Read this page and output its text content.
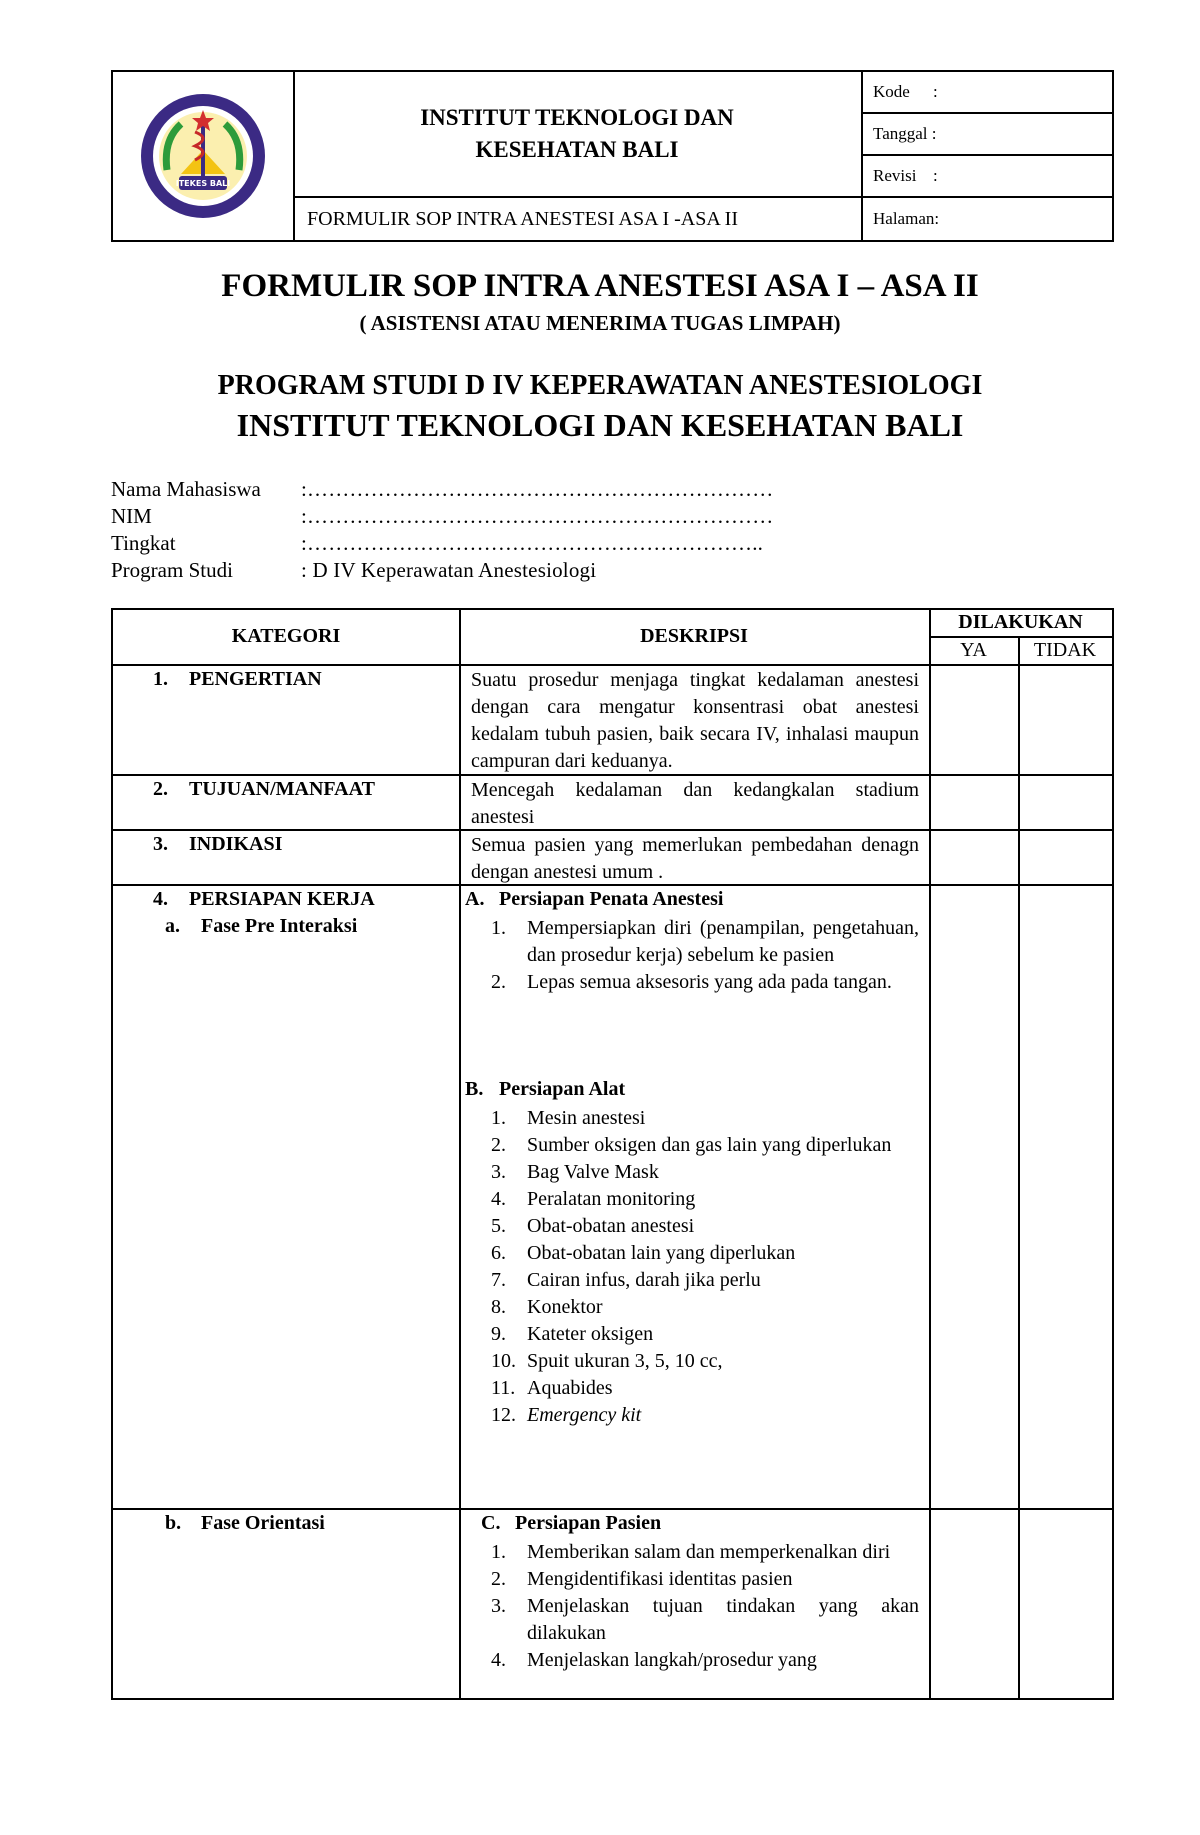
ITEKES BALI
INSTITUT TEKNOLOGI DAN
KESEHATAN BALI
FORMULIR SOP INTRA ANESTESI ASA I -ASA II
Kode	:
Tanggal :
Revisi :
Halaman:
FORMULIR SOP INTRA ANESTESI ASA I – ASA II
( ASISTENSI ATAU MENERIMA TUGAS LIMPAH)
PROGRAM STUDI D IV KEPERAWATAN ANESTESIOLOGI
INSTITUT TEKNOLOGI DAN KESEHATAN BALI
Nama Mahasiswa	:…………………………………………………………
NIM	:…………………………………………………………
Tingkat	:………………………………………………………..
Program Studi	: D IV Keperawatan Anestesiologi
KATEGORI	DESKRIPSI
DILAKUKAN
YA	TIDAK
1. PENGERTIAN	Suatu prosedur menjaga tingkat kedalaman anestesi dengan cara mengatur konsentrasi obat anestesi kedalam tubuh pasien, baik secara IV, inhalasi maupun campuran dari keduanya.
2. TUJUAN/MANFAAT	Mencegah kedalaman dan kedangkalan stadium anestesi
3. INDIKASI	Semua pasien yang memerlukan pembedahan denagn dengan anestesi umum .
4. PERSIAPAN KERJA
a. Fase Pre Interaksi
A. Persiapan Penata Anestesi
1.	Mempersiapkan diri (penampilan, pengetahuan, dan prosedur kerja) sebelum ke pasien
2.	Lepas semua aksesoris yang ada pada tangan.
B. Persiapan Alat
1.	Mesin anestesi
2.	Sumber oksigen dan gas lain yang diperlukan
3.	Bag Valve Mask
4.	Peralatan monitoring
5.	Obat-obatan anestesi
6.	Obat-obatan lain yang diperlukan
7.	Cairan infus, darah jika perlu
8.	Konektor
9.	Kateter oksigen
10. Spuit ukuran 3, 5, 10 cc,
11. Aquabides
12. Emergency kit
b. Fase Orientasi	C. Persiapan Pasien
1.	Memberikan salam dan memperkenalkan diri
2.	Mengidentifikasi identitas pasien
3.	Menjelaskan tujuan tindakan yang akan dilakukan
4.	Menjelaskan langkah/prosedur yang
